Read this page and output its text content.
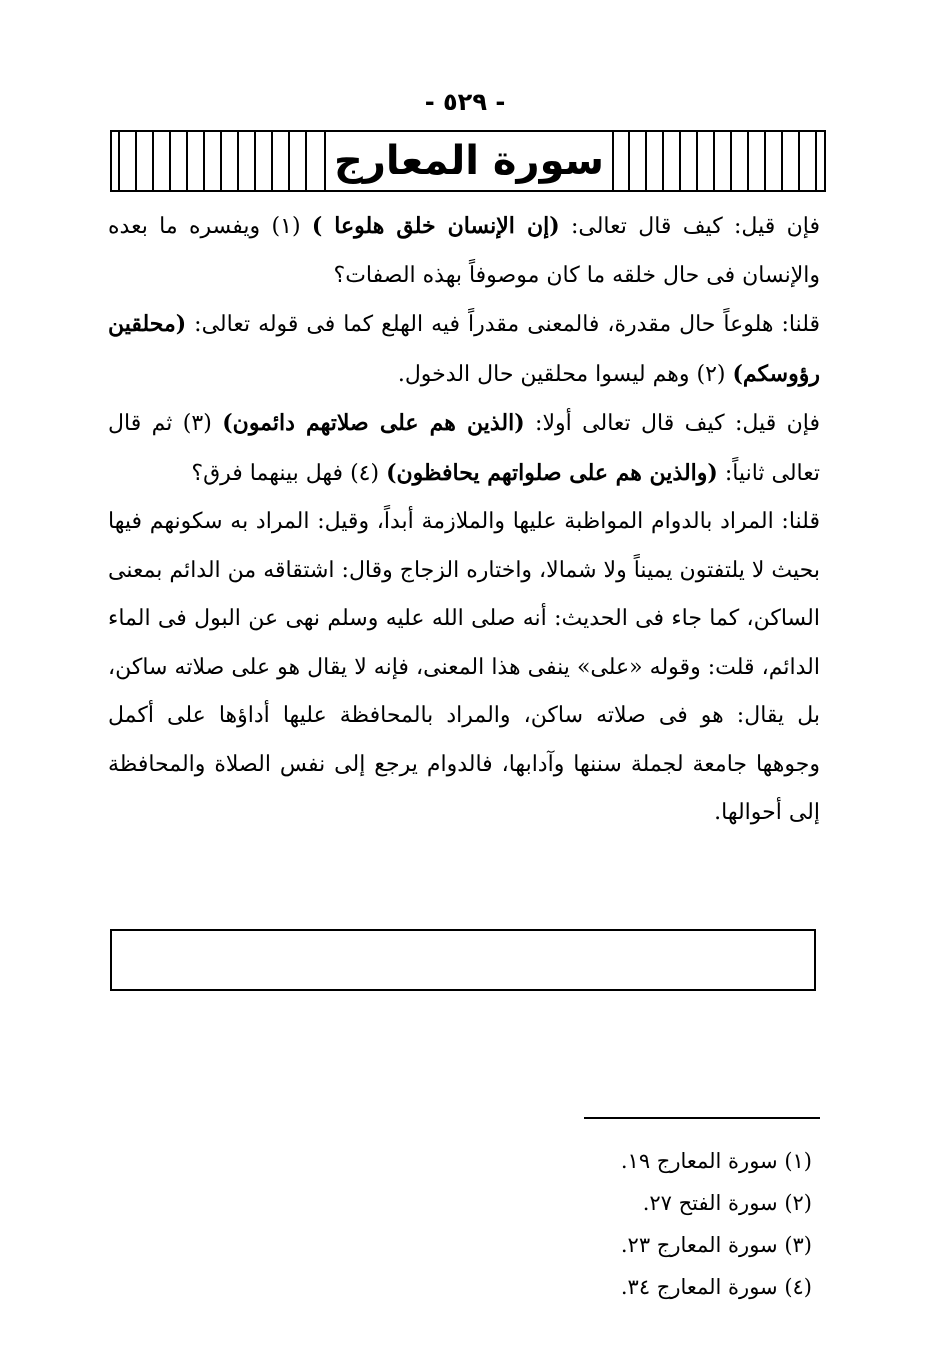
- ٥٢٩ -
سورة المعارج

فإن قيل: كيف قال تعالى: (إن الإنسان خلق هلوعا ) (١) ويفسره ما بعده والإنسان فى حال خلقه ما كان موصوفاً بهذه الصفات؟

قلنا: هلوعاً حال مقدرة، فالمعنى مقدراً فيه الهلع كما فى قوله تعالى: (محلقين رؤوسكم) (٢) وهم ليسوا محلقين حال الدخول.

فإن قيل: كيف قال تعالى أولا: (الذين هم على صلاتهم دائمون) (٣) ثم قال تعالى ثانياً: (والذين هم على صلواتهم يحافظون) (٤) فهل بينهما فرق؟

قلنا: المراد بالدوام المواظبة عليها والملازمة أبداً، وقيل: المراد به سكونهم فيها بحيث لا يلتفتون يميناً ولا شمالا، واختاره الزجاج وقال: اشتقاقه من الدائم بمعنى الساكن، كما جاء فى الحديث: أنه صلى الله عليه وسلم نهى عن البول فى الماء الدائم، قلت: وقوله «على» ينفى هذا المعنى، فإنه لا يقال هو على صلاته ساكن، بل يقال: هو فى صلاته ساكن، والمراد بالمحافظة عليها أداؤها على أكمل وجوهها جامعة لجملة سننها وآدابها، فالدوام يرجع إلى نفس الصلاة والمحافظة إلى أحوالها.

(١) سورة المعارج ١٩.
(٢) سورة الفتح ٢٧.
(٣) سورة المعارج ٢٣.
(٤) سورة المعارج ٣٤.
